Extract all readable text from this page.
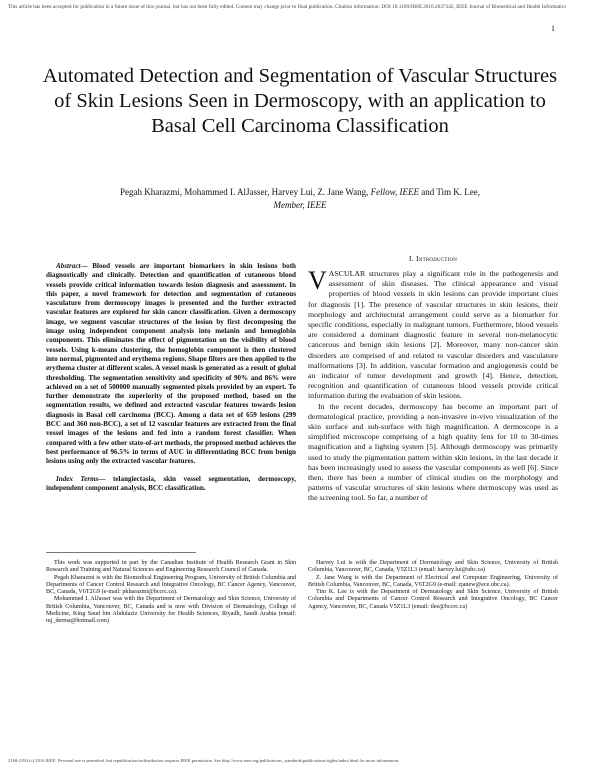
This article has been accepted for publication in a future issue of this journal, but has not been fully edited. Content may change prior to final publication. Citation information: DOI 10.1109/JBHI.2016.2637342, IEEE Journal of Biomedical and Health Informatics
1
Automated Detection and Segmentation of Vascular Structures of Skin Lesions Seen in Dermoscopy, with an application to Basal Cell Carcinoma Classification
Pegah Kharazmi, Mohammed I. AlJasser, Harvey Lui, Z. Jane Wang, Fellow, IEEE and Tim K. Lee,
Member, IEEE

Abstract— Blood vessels are important biomarkers in skin lesions both diagnostically and clinically. Detection and quantification of cutaneous blood vessels provide critical information towards lesion diagnosis and assessment. In this paper, a novel framework for detection and segmentation of cutaneous vasculature from dermoscopy images is presented and the further extracted vascular features are explored for skin cancer classification. Given a dermoscopy image, we segment vascular structures of the lesion by first decomposing the image using independent component analysis into melanin and hemoglobin components. This eliminates the effect of pigmentation on the visibility of blood vessels. Using k-means clustering, the hemoglobin component is then clustered into normal, pigmented and erythema regions. Shape filters are then applied to the erythema cluster at different scales. A vessel mask is generated as a result of global thresholding. The segmentation sensitivity and specificity of 90% and 86% were achieved on a set of 500000 manually segmented pixels provided by an expert. To further demonstrate the superiority of the proposed method, based on the segmentation results, we defined and extracted vascular features towards lesion diagnosis in Basal cell carcinoma (BCC). Among a data set of 659 lesions (299 BCC and 360 non-BCC), a set of 12 vascular features are extracted from the final vessel images of the lesions and fed into a random forest classifier. When compared with a few other state-of-art methods, the proposed method achieves the best performance of 96.5% in terms of AUC in differentiating BCC from benign lesions using only the extracted vascular features.

Index Terms— telangiectasia, skin vessel segmentation, dermoscopy, independent component analysis, BCC classification.
I. Introduction

VASCULAR structures play a significant role in the pathogenesis and assessment of skin diseases. The clinical appearance and visual properties of blood vessels in skin lesions can provide important clues for diagnosis [1]. The presence of vascular structures in skin lesions, their morphology and architectural arrangement could serve as a biomarker for specific conditions, especially in malignant tumors. Furthermore, blood vessels are considered a dominant diagnostic feature in several non-melanocytic cancerous and benign skin lesions [2]. Moreover, many non-cancer skin disorders are comprised of and related to vascular disorders and vasculature malformations [3]. In addition, vascular formation and angiogenesis could be an indicator of tumor development and growth [4]. Hence, detection, recognition and quantification of cutaneous blood vessels provide critical information during the evaluation of skin lesions.

In the recent decades, dermoscopy has become an important part of dermatological practice, providing a non-invasive in-vivo visualization of the skin surface and sub-surface with high magnification. A dermoscope is a simplified microscope comprising of a high quality lens for 10 to 30-times magnification and a lighting system [5]. Although dermoscopy was primarily used to study the pigmentation pattern within skin lesions, in the last decade it has been increasingly used to assess the vascular components as well [6]. Since then, there has been a number of clinical studies on the morphology and patterns of vascular structures of skin lesions where dermoscopy was used as the screening tool. So far, a number of

This work was supported in part by the Canadian Institute of Health Research Grant in Skin Research and Training and Natural Sciences and Engineering Research Council of Canada.

Pegah Kharazmi is with the Biomedical Engineering Program, University of British Columbia and Departments of Cancer Control Research and Integrative Oncology, BC Cancer Agency, Vancouver, BC, Canada, V6T2G9 (e-mail: pkharazmi@bccrc.ca).

Mohammed I. AlJasser was with the Department of Dermatology and Skin Science, University of British Columbia, Vancouver, BC, Canada and is now with Division of Dermatology, College of Medicine, King Saud bin Abdulaziz University for Health Sciences, Riyadh, Saudi Arabia (email: mj_derma@hotmail.com)

Harvey Lui is with the Department of Dermatology and Skin Science, University of British Columbia, Vancouver, BC, Canada, V5Z1L3 (email: harvey.lui@ubc.ca)

Z. Jane Wang is with the Department of Electrical and Computer Engineering, University of British Columbia, Vancouver, BC, Canada, V6T2G9 (e-mail: zjanew@ece.ubc.ca).

Tim K. Lee is with the Department of Dermatology and Skin Science, University of British Columbia and Departments of Cancer Control Research and Integrative Oncology, BC Cancer Agency, Vancouver, BC, Canada V5Z1L3 (email: tlee@bccrc.ca)

2168-2194 (c) 2016 IEEE. Personal use is permitted, but republication/redistribution requires IEEE permission. See http://www.ieee.org/publications_standards/publications/rights/index.html for more information.
